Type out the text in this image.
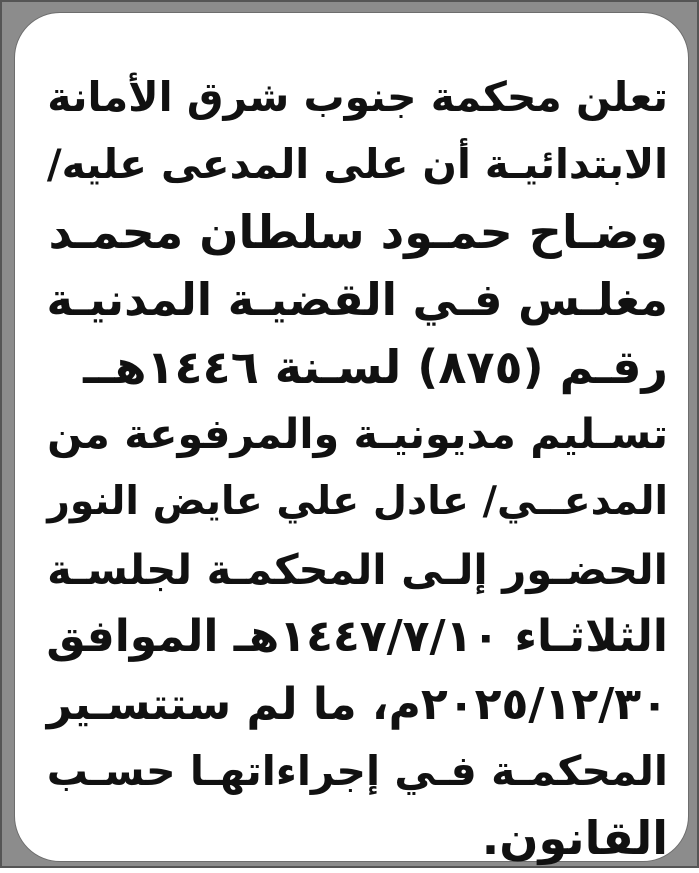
تعلن محكمة جنوب شرق الأمانة
الابتدائيـة أن على المدعى عليه/
وضـاح حمـود سلطان محمـد
مغلـس فـي القضيـة المدنيـة
رقـم (٨٧٥) لسـنة ١٤٤٦هــ
تسـليم مديونيـة والمرفوعة من
المدعــي/ عادل علي عايض النور
الحضـور إلـى المحكمـة لجلسـة
الثلاثـاء ١٤٤٧/٧/١٠هـ الموافق
٢٠٢٥/١٢/٣٠م، ما لم ستتسـير
المحكمـة فـي إجراءاتهـا حسـب
القانون.
